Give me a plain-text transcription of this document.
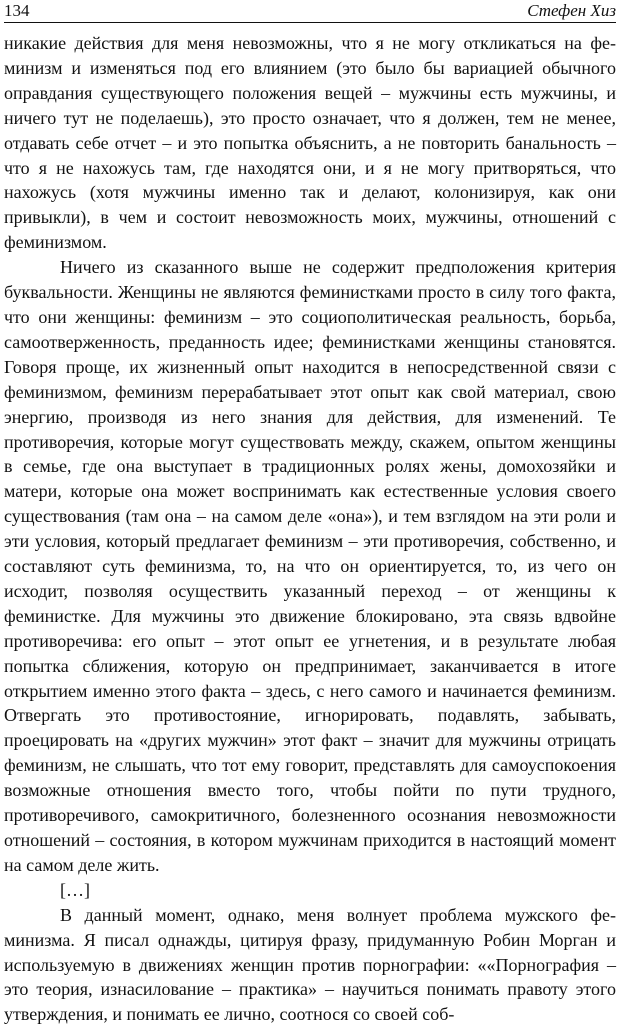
134	Стефен Хиз

никакие действия для меня невозможны, что я не могу откликаться на феминизм и изменяться под его влиянием (это было бы вариацией обычного оправдания существующего положения вещей – мужчины есть мужчины, и ничего тут не поделаешь), это просто означает, что я должен, тем не менее, отдавать себе отчет – и это попытка объяснить, а не повторить банальность – что я не нахожусь там, где находятся они, и я не могу притворяться, что нахожусь (хотя мужчины именно так и делают, колонизируя, как они привыкли), в чем и состоит невозможность моих, мужчины, отношений с феминизмом.

Ничего из сказанного выше не содержит предположения критерия буквальности. Женщины не являются феминистками просто в силу того факта, что они женщины: феминизм – это социополитическая реальность, борьба, самоотверженность, преданность идее; феминистками женщины становятся. Говоря проще, их жизненный опыт находится в непосредственной связи с феминизмом, феминизм перерабатывает этот опыт как свой материал, свою энергию, производя из него знания для действия, для изменений. Те противоречия, которые могут существовать между, скажем, опытом женщины в семье, где она выступает в традиционных ролях жены, домохозяйки и матери, которые она может воспринимать как естественные условия своего существования (там она – на самом деле «она»), и тем взглядом на эти роли и эти условия, который предлагает феминизм – эти противоречия, собственно, и составляют суть феминизма, то, на что он ориентируется, то, из чего он исходит, позволяя осуществить указанный переход – от женщины к феминистке. Для мужчины это движение блокировано, эта связь вдвойне противоречива: его опыт – этот опыт ее угнетения, и в результате любая попытка сближения, которую он предпринимает, заканчивается в итоге открытием именно этого факта – здесь, с него самого и начинается феминизм. Отвергать это противостояние, игнорировать, подавлять, забывать, проецировать на «других мужчин» этот факт – значит для мужчины отрицать феминизм, не слышать, что тот ему говорит, представлять для самоуспокоения возможные отношения вместо того, чтобы пойти по пути трудного, противоречивого, самокритичного, болезненного осознания невозможности отношений – состояния, в котором мужчинам приходится в настоящий момент на самом деле жить.

[…]

В данный момент, однако, меня волнует проблема мужского феминизма. Я писал однажды, цитируя фразу, придуманную Робин Морган и используемую в движениях женщин против порнографии: ««Порнография – это теория, изнасилование – практика» – научиться понимать правоту этого утверждения, и понимать ее лично, соотнося со своей соб-
